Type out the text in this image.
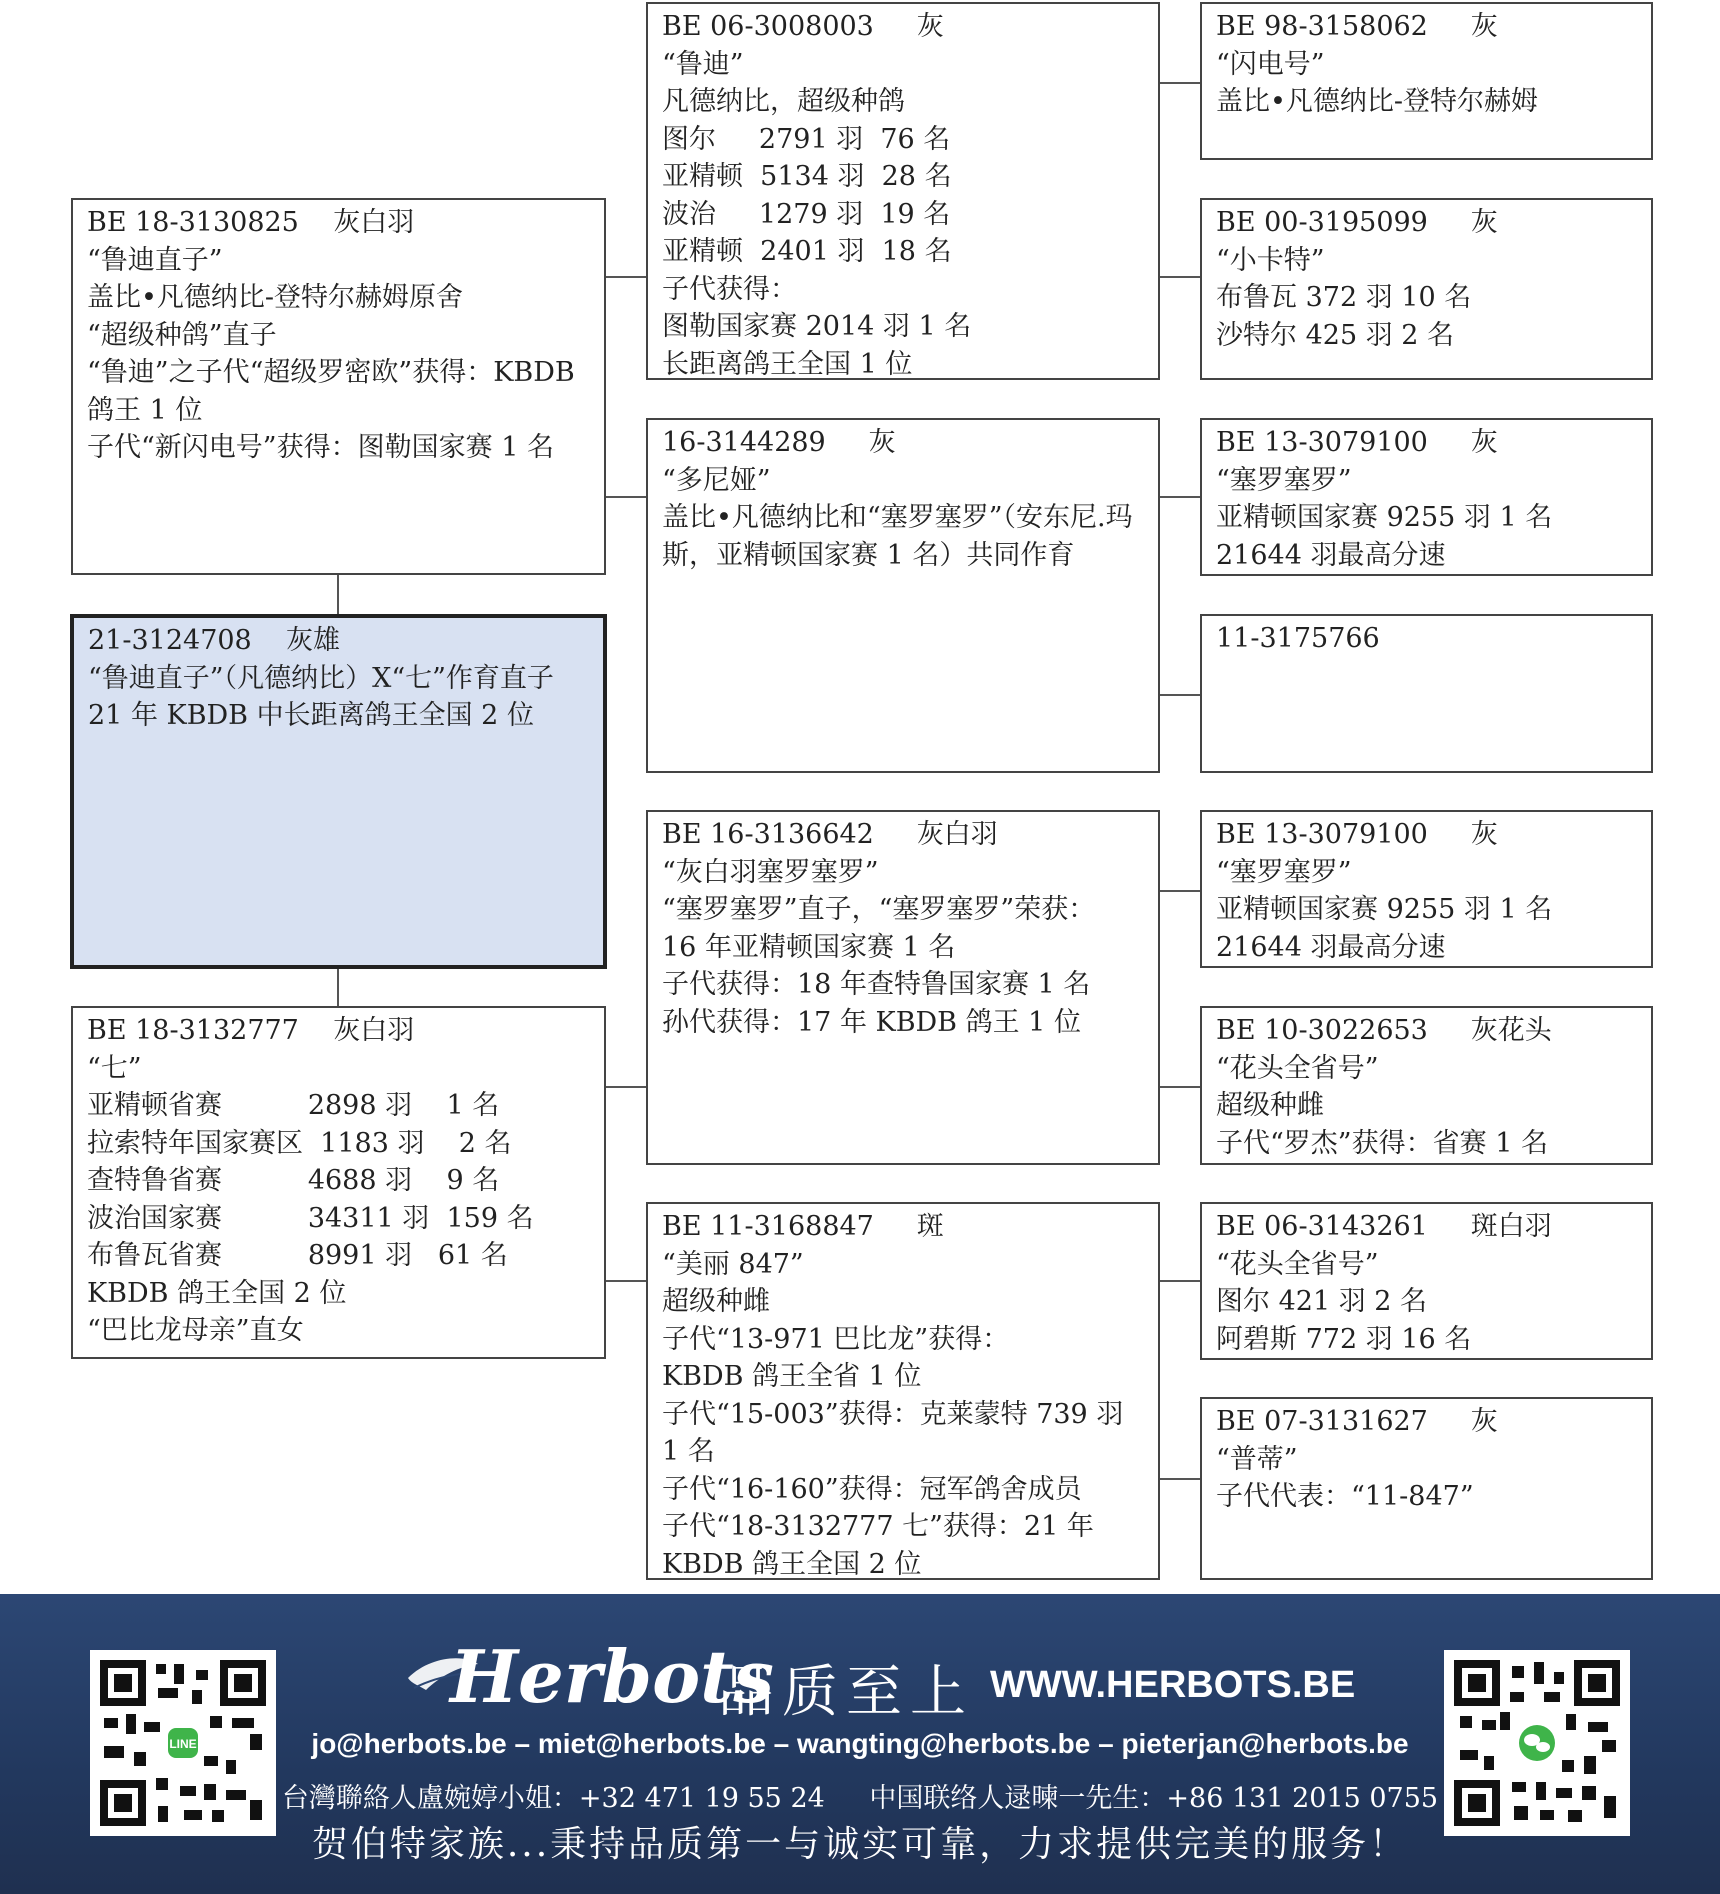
BE 18-3130825    灰白羽
“鲁迪直子”
盖比•凡德纳比-登特尔赫姆原舍
“超级种鸽”直子
“鲁迪”之子代“超级罗密欧”获得：KBDB 鸽王 1 位
子代“新闪电号”获得：图勒国家赛 1 名
21-3124708    灰雄
“鲁迪直子”（凡德纳比）X“七”作育直子
21 年 KBDB 中长距离鸽王全国 2 位
BE 18-3132777    灰白羽
“七”
亚精顿省赛          2898 羽    1 名
拉索特年国家赛区  1183 羽    2 名
查特鲁省赛          4688 羽    9 名
波治国家赛          34311 羽  159 名
布鲁瓦省赛          8991 羽   61 名
KBDB 鸽王全国 2 位
“巴比龙母亲”直女
BE 06-3008003     灰
“鲁迪”
凡德纳比，超级种鸽
图尔     2791 羽  76 名
亚精顿  5134 羽  28 名
波治     1279 羽  19 名
亚精顿  2401 羽  18 名
子代获得：
图勒国家赛 2014 羽 1 名
长距离鸽王全国 1 位
16-3144289     灰
“多尼娅”
盖比•凡德纳比和“塞罗塞罗”（安东尼.玛斯，亚精顿国家赛 1 名）共同作育
BE 16-3136642     灰白羽
“灰白羽塞罗塞罗”
“塞罗塞罗”直子，“塞罗塞罗”荣获：
16 年亚精顿国家赛 1 名
子代获得：18 年查特鲁国家赛 1 名
孙代获得：17 年 KBDB 鸽王 1 位
BE 11-3168847     斑
“美丽 847”
超级种雌
子代“13-971 巴比龙”获得：
KBDB 鸽王全省 1 位
子代“15-003”获得：克莱蒙特 739 羽 1 名
子代“16-160”获得：冠军鸽舍成员
子代“18-3132777 七”获得：21 年 KBDB 鸽王全国 2 位
BE 98-3158062     灰
“闪电号”
盖比•凡德纳比-登特尔赫姆
BE 00-3195099     灰
“小卡特”
布鲁瓦 372 羽 10 名
沙特尔 425 羽 2 名
BE 13-3079100     灰
“塞罗塞罗”
亚精顿国家赛 9255 羽 1 名
21644 羽最高分速
11-3175766
BE 13-3079100     灰
“塞罗塞罗”
亚精顿国家赛 9255 羽 1 名
21644 羽最高分速
BE 10-3022653     灰花头
“花头全省号”
超级种雌
子代“罗杰”获得：省赛 1 名
BE 06-3143261     斑白羽
“花头全省号”
图尔 421 羽 2 名
阿碧斯 772 羽 16 名
BE 07-3131627     灰
“普蒂”
子代代表：“11-847”
LINE
Herbots
品质至上 WWW.HERBOTS.BE
jo@herbots.be – miet@herbots.be – wangting@herbots.be – pieterjan@herbots.be
台灣聯絡人盧婉婷小姐：+32 471 19 55 24 中国联络人逯暕一先生：+86 131 2015 0755
贺伯特家族...秉持品质第一与诚实可靠，力求提供完美的服务！
